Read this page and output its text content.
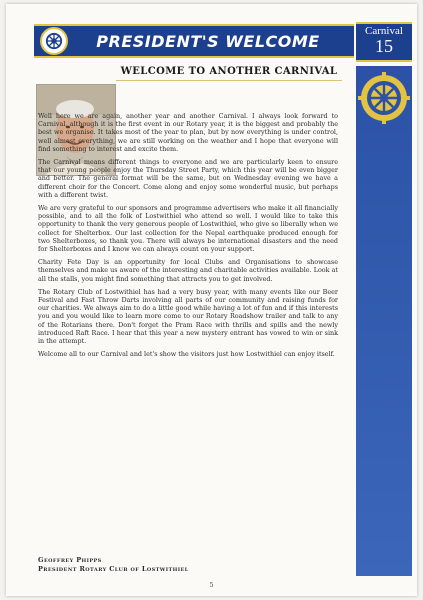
PRESIDENT'S WELCOME
Carnival
15
WELCOME TO ANOTHER CARNIVAL

Well here we are again, another year and another Carnival. I always look forward to Carnival, although it is the first event in our Rotary year, it is the biggest and probably the best we organise. It takes most of the year to plan, but by now everything is under control, well almost everything, we are still working on the weather and I hope that everyone will find something to interest and excite them.

The Carnival means different things to everyone and we are particularly keen to ensure that our young people enjoy the Thursday Street Party, which this year will be even bigger and better. The general format will be the same, but on Wednesday evening we have a different choir for the Concert. Come along and enjoy some wonderful music, but perhaps with a different twist.

We are very grateful to our sponsors and programme advertisers who make it all financially possible, and to all the folk of Lostwithiel who attend so well. I would like to take this opportunity to thank the very generous people of Lostwithiel, who give so liberally when we collect for Shelterbox. Our last collection for the Nepal earthquake produced enough for two Shelterboxes, so thank you. There will always be international disasters and the need for Shelterboxes and I know we can always count on your support.

Charity Fete Day is an opportunity for local Clubs and Organisations to showcase themselves and make us aware of the interesting and charitable activities available. Look at all the stalls, you might find something that attracts you to get involved.

The Rotary Club of Lostwithiel has had a very busy year, with many events like our Beer Festival and Fast Throw Darts involving all parts of our community and raising funds for our charities. We always aim to do a little good while having a lot of fun and if this interests you and you would like to learn more come to our Rotary Roadshow trailer and talk to any of the Rotarians there. Don't forget the Pram Race with thrills and spills and the newly introduced Raft Race. I hear that this year a new mystery entrant has vowed to win or sink in the attempt.

Welcome all to our Carnival and let's show the visitors just how Lostwithiel can enjoy itself.

Geoffrey Phipps
President Rotary Club of Lostwithiel
5
